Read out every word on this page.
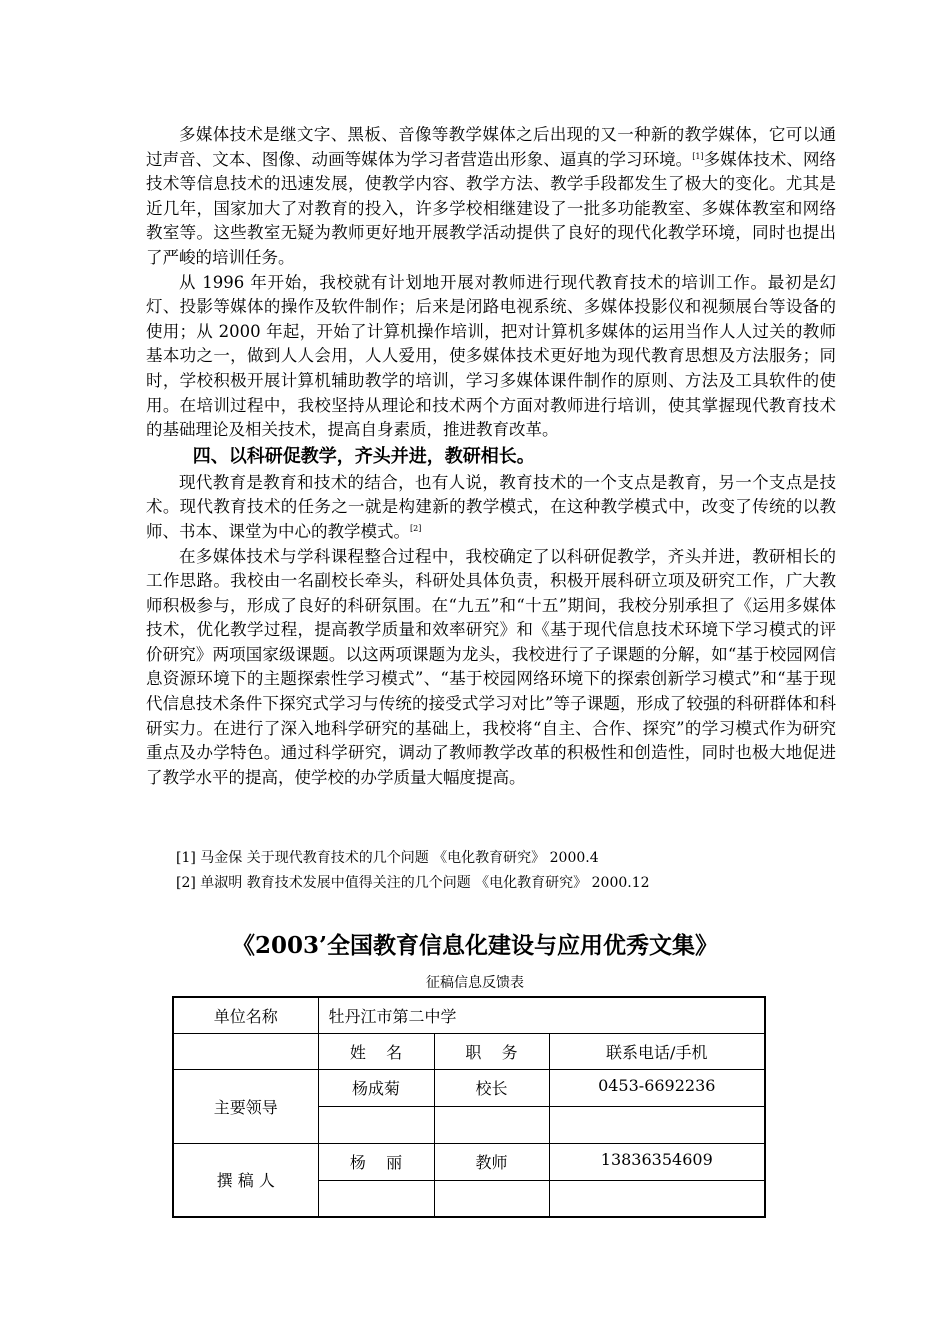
多媒体技术是继文字、黑板、音像等教学媒体之后出现的又一种新的教学媒体，它可以通过声音、文本、图像、动画等媒体为学习者营造出形象、逼真的学习环境。[1]多媒体技术、网络技术等信息技术的迅速发展，使教学内容、教学方法、教学手段都发生了极大的变化。尤其是近几年，国家加大了对教育的投入，许多学校相继建设了一批多功能教室、多媒体教室和网络教室等。这些教室无疑为教师更好地开展教学活动提供了良好的现代化教学环境，同时也提出了严峻的培训任务。

从 1996 年开始，我校就有计划地开展对教师进行现代教育技术的培训工作。最初是幻灯、投影等媒体的操作及软件制作；后来是闭路电视系统、多媒体投影仪和视频展台等设备的使用；从 2000 年起，开始了计算机操作培训，把对计算机多媒体的运用当作人人过关的教师基本功之一，做到人人会用，人人爱用，使多媒体技术更好地为现代教育思想及方法服务；同时，学校积极开展计算机辅助教学的培训，学习多媒体课件制作的原则、方法及工具软件的使用。在培训过程中，我校坚持从理论和技术两个方面对教师进行培训，使其掌握现代教育技术的基础理论及相关技术，提高自身素质，推进教育改革。

四、以科研促教学，齐头并进，教研相长。

现代教育是教育和技术的结合，也有人说，教育技术的一个支点是教育，另一个支点是技术。现代教育技术的任务之一就是构建新的教学模式，在这种教学模式中，改变了传统的以教师、书本、课堂为中心的教学模式。[2]

在多媒体技术与学科课程整合过程中，我校确定了以科研促教学，齐头并进，教研相长的工作思路。我校由一名副校长牵头，科研处具体负责，积极开展科研立项及研究工作，广大教师积极参与，形成了良好的科研氛围。在“九五”和“十五”期间，我校分别承担了《运用多媒体技术，优化教学过程，提高教学质量和效率研究》和《基于现代信息技术环境下学习模式的评价研究》两项国家级课题。以这两项课题为龙头，我校进行了子课题的分解，如“基于校园网信息资源环境下的主题探索性学习模式”、“基于校园网络环境下的探索创新学习模式”和“基于现代信息技术条件下探究式学习与传统的接受式学习对比”等子课题，形成了较强的科研群体和科研实力。在进行了深入地科学研究的基础上，我校将“自主、合作、探究”的学习模式作为研究重点及办学特色。通过科学研究，调动了教师教学改革的积极性和创造性，同时也极大地促进了教学水平的提高，使学校的办学质量大幅度提高。

[1] 马金保 关于现代教育技术的几个问题 《电化教育研究》 2000.4
[2] 单淑明 教育技术发展中值得关注的几个问题 《电化教育研究》 2000.12
《2003’全国教育信息化建设与应用优秀文集》
征稿信息反馈表
单位名称	牡丹江市第二中学		
	姓    名	职    务	联系电话/手机
主要领导	杨成菊	校长	0453-6692236

撰 稿 人	杨    丽	教师	13836354609
